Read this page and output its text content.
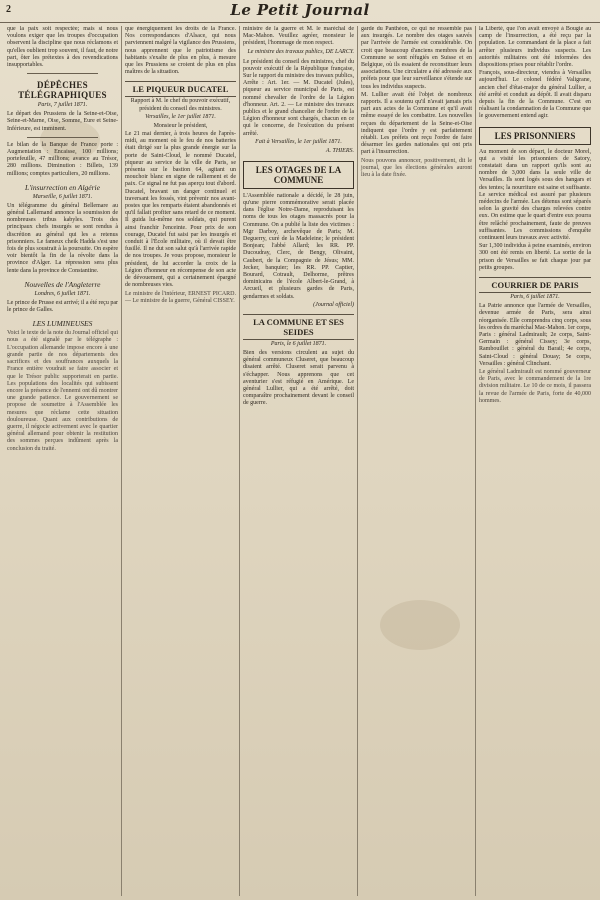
2	Le Petit Journal

que la paix soit respectée; mais si nous voulons exiger que les troupes d'occupation observent la discipline que nous réclamons et qu'elles oublient trop souvent, il faut, de notre part, ôter les prétextes à des revendications insupportables.

DÉPÊCHES TÉLÉGRAPHIQUES
Paris, 7 juillet 1871.

Le départ des Prussiens de la Seine-et-Oise, Seine-et-Marne, Oise, Somme, Eure et Seine-Inférieure, est imminent.

Le bilan de la Banque de France porte : Augmentation : Encaisse, 100 millions; portefeuille, 47 millions; avance au Trésor, 280 millions. Diminution : Billets, 139 millions; comptes particuliers, 20 millions.

L'insurrection en Algérie
Marseille, 6 juillet 1871.

Un télégramme du général Bellemare au général Lallemand annonce la soumission de nombreuses tribus kabyles. Trois des principaux chefs insurgés se sont rendus à discrétion au général qui les a retenus prisonniers. Le fameux cheik Hadda s'est une fois de plus soustrait à la poursuite. On espère voir bientôt la fin de la révolte dans la province d'Alger. La répression sera plus lente dans la province de Constantine.

Nouvelles de l'Angleterre
Londres, 6 juillet 1871.

Le prince de Prusse est arrivé; il a été reçu par le prince de Galles.

LES LUMINEUSES

Voici le texte de la note du Journal officiel qui nous a été signalé par le télégraphe : L'occupation allemande impose encore à une grande partie de nos départements des sacrifices et des souffrances auxquels la France entière voudrait se faire associer et que le Trésor public supporterait en partie. Les populations des localités qui subissent encore la présence de l'ennemi ont dû montrer une grande patience. Le gouvernement se propose de soumettre à l'Assemblée les mesures que réclame cette situation douloureuse. Quant aux contributions de guerre, il négocie activement avec le quartier général allemand pour obtenir la restitution des sommes perçues indûment après la conclusion du traité.

que énergiquement les droits de la France. Nos correspondances d'Alsace, qui nous parviennent malgré la vigilance des Prussiens, nous apprennent que le patriotisme des habitants s'exalte de plus en plus, à mesure que les Prussiens se croient de plus en plus maîtres de la situation.

LE PIQUEUR DUCATEL

Rapport à M. le chef du pouvoir exécutif, président du conseil des ministres.

Versailles, le 1er juillet 1871.

Monsieur le président,

Le 21 mai dernier, à trois heures de l'après-midi, au moment où le feu de nos batteries était dirigé sur la plus grande énergie sur la porte de Saint-Cloud, le nommé Ducatel, piqueur au service de la ville de Paris, se présenta sur le bastion 64, agitant un mouchoir blanc en signe de ralliement et de paix. Ce signal ne fut pas aperçu tout d'abord. Ducatel, bravant un danger continuel et traversant les fossés, vint prévenir nos avant-postes que les remparts étaient abandonnés et qu'il fallait profiter sans retard de ce moment. Il guida lui-même nos soldats, qui purent ainsi franchir l'enceinte. Pour prix de son courage, Ducatel fut saisi par les insurgés et conduit à l'École militaire, où il devait être fusillé. Il ne dut son salut qu'à l'arrivée rapide de nos troupes. Je vous propose, monsieur le président, de lui accorder la croix de la Légion d'honneur en récompense de son acte de dévouement, qui a certainement épargné de nombreuses vies.

Le ministre de l'intérieur, ERNEST PICARD. — Le ministre de la guerre, Général CISSEY.

ministre de la guerre et M. le maréchal de Mac-Mahon. Veuillez agréer, monsieur le président, l'hommage de mon respect.

Le ministre des travaux publics, DE LARCY.

Le président du conseil des ministres, chef du pouvoir exécutif de la République française, Sur le rapport du ministre des travaux publics, Arrête : Art. 1er. — M. Ducatel (Jules), piqueur au service municipal de Paris, est nommé chevalier de l'ordre de la Légion d'honneur. Art. 2. — Le ministre des travaux publics et le grand chancelier de l'ordre de la Légion d'honneur sont chargés, chacun en ce qui le concerne, de l'exécution du présent arrêté.

Fait à Versailles, le 1er juillet 1871.
A. THIERS.
LES OTAGES DE LA COMMUNE

L'Assemblée nationale a décidé, le 28 juin, qu'une pierre commémorative serait placée dans l'église Notre-Dame, reproduisant les noms de tous les otages massacrés pour la Commune. On a publié la liste des victimes : Mgr Darboy, archevêque de Paris; M. Deguerry, curé de la Madeleine; le président Bonjean; l'abbé Allard; les RR. PP. Ducoudray, Clerc, de Bengy, Olivaint, Caubert, de la Compagnie de Jésus; MM. Jecker, banquier; les RR. PP. Captier, Bourard, Cotrault, Delhorme, prêtres dominicains de l'école Albert-le-Grand, à Arcueil, et plusieurs gardes de Paris, gendarmes et soldats.

(Journal officiel)
LA COMMUNE ET SES SEIDES
Paris, le 6 juillet 1871.

Bien des versions circulent au sujet du général communeux Cluseret, que beaucoup disaient arrêté. Cluseret serait parvenu à s'échapper. Nous apprenons que cet aventurier s'est réfugié en Amérique. Le général Lullier, qui a été arrêté, doit comparaître prochainement devant le conseil de guerre.

garde du Panthéon, ce qui ne ressemble pas aux insurgés. Le nombre des otages sauvés par l'arrivée de l'armée est considérable. On croit que beaucoup d'anciens membres de la Commune se sont réfugiés en Suisse et en Belgique, où ils essaient de reconstituer leurs associations. Une circulaire a été adressée aux préfets pour que leur surveillance s'étende sur tous les individus suspects.

M. Lullier avait été l'objet de nombreux rapports. Il a soutenu qu'il n'avait jamais pris part aux actes de la Commune et qu'il avait même essayé de les combattre. Les nouvelles reçues du département de la Seine-et-Oise indiquent que l'ordre y est parfaitement rétabli. Les préfets ont reçu l'ordre de faire désarmer les gardes nationales qui ont pris part à l'insurrection.

Nous pouvons annoncer, positivement, dit le journal, que les élections générales auront lieu à la date fixée.

la Liberté, que l'on avait envoyé à Bougie au camp de l'insurrection, a été reçu par la population. Le commandant de la place a fait arrêter plusieurs individus suspects. Les autorités militaires ont été informées des dispositions prises pour rétablir l'ordre.

François, sous-directeur, viendra à Versailles aujourd'hui. Le colonel fédéré Valigrane, ancien chef d'état-major du général Lullier, a été arrêté et conduit au dépôt. Il avait disparu depuis la fin de la Commune. C'est en réalisant la condamnation de la Commune que le gouvernement entend agir.

LES PRISONNIERS

Au moment de son départ, le docteur Morel, qui a visité les prisonniers de Satory, constatait dans un rapport qu'ils sont au nombre de 3,000 dans la seule ville de Versailles. Ils sont logés sous des hangars et des tentes; la nourriture est saine et suffisante. Le service médical est assuré par plusieurs médecins de l'armée. Les détenus sont séparés selon la gravité des charges relevées contre eux. On estime que le quart d'entre eux pourra être relâché prochainement, faute de preuves suffisantes. Les commissions d'enquête continuent leurs travaux avec activité.

Sur 1,300 individus à peine examinés, environ 300 ont été remis en liberté. La sortie de la prison de Versailles se fait chaque jour par petits groupes.

COURRIER DE PARIS
Paris, 6 juillet 1871.

La Patrie annonce que l'armée de Versailles, devenue armée de Paris, sera ainsi réorganisée. Elle comprendra cinq corps, sous les ordres du maréchal Mac-Mahon. 1er corps, Paris : général Ladmirault; 2e corps, Saint-Germain : général Cissey; 3e corps, Rambouillet : général du Barail; 4e corps, Saint-Cloud : général Douay; 5e corps, Versailles : général Clinchant.

Le général Ladmirault est nommé gouverneur de Paris, avec le commandement de la 1re division militaire. Le 10 de ce mois, il passera la revue de l'armée de Paris, forte de 40,000 hommes.
